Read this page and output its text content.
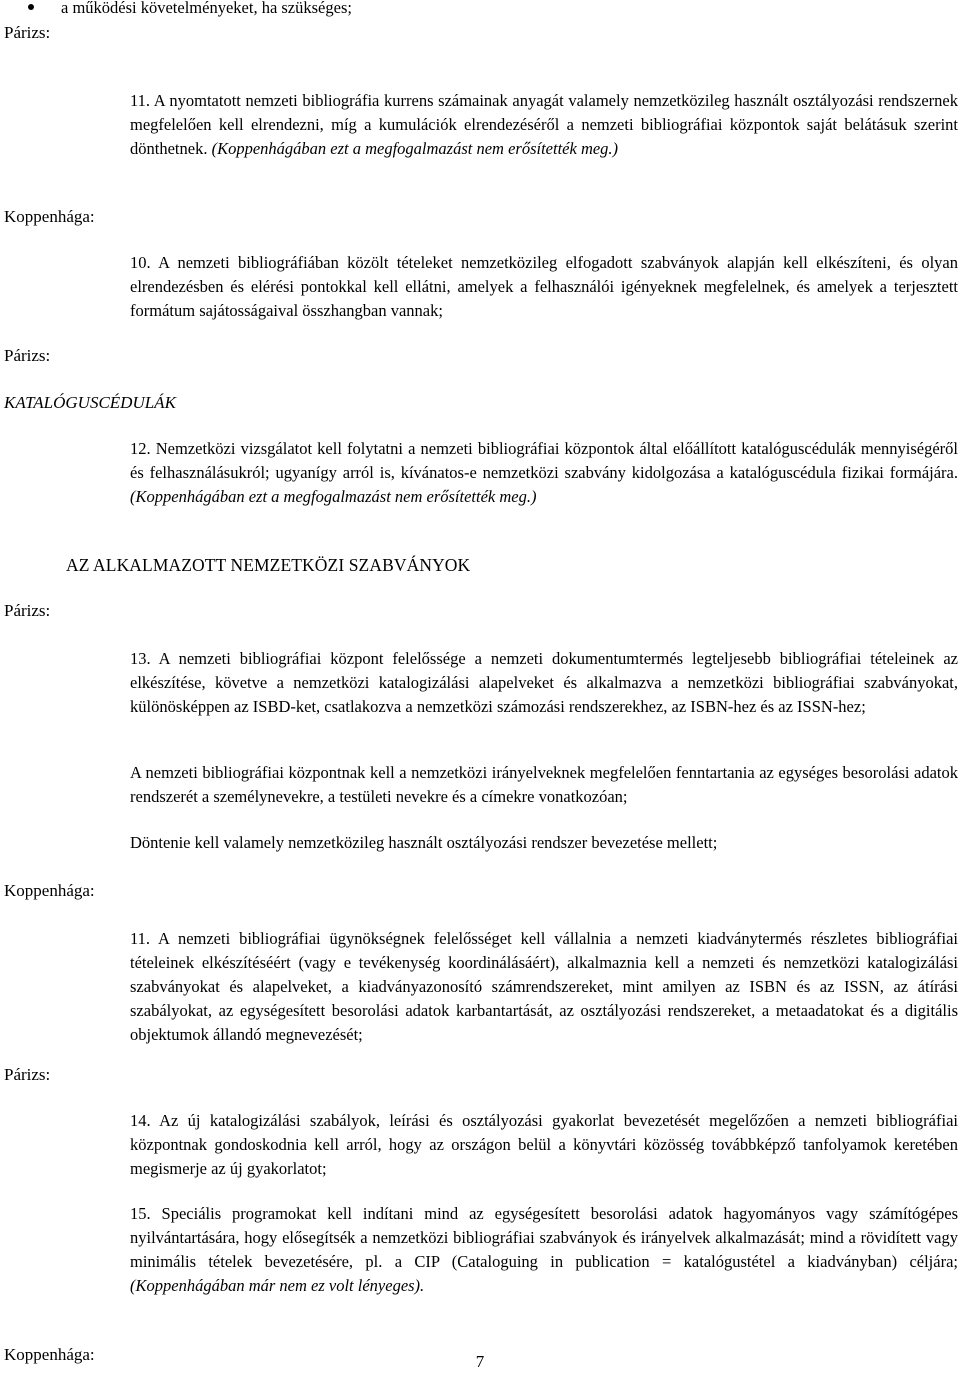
a működési követelményeket, ha szükséges;

Párizs:

11. A nyomtatott nemzeti bibliográfia kurrens számainak anyagát valamely nemzetközileg használt osztályozási rendszernek megfelelően kell elrendezni, míg a kumulációk elrendezéséről a nemzeti bibliográfiai központok saját belátásuk szerint dönthetnek. (Koppenhágában ezt a megfogalmazást nem erősítették meg.)

Koppenhága:

10. A nemzeti bibliográfiában közölt tételeket nemzetközileg elfogadott szabványok alapján kell elkészíteni, és olyan elrendezésben és elérési pontokkal kell ellátni, amelyek a felhasználói igényeknek megfelelnek, és amelyek a terjesztett formátum sajátosságaival összhangban vannak;

Párizs:

KATALÓGUSCÉDULÁK

12. Nemzetközi vizsgálatot kell folytatni a nemzeti bibliográfiai központok által előállított katalóguscédulák mennyiségéről és felhasználásukról; ugyanígy arról is, kívánatos-e nemzetközi szabvány kidolgozása a katalóguscédula fizikai formájára. (Koppenhágában ezt a megfogalmazást nem erősítették meg.)

AZ ALKALMAZOTT NEMZETKÖZI SZABVÁNYOK

Párizs:

13. A nemzeti bibliográfiai központ felelőssége a nemzeti dokumentumtermés legteljesebb bibliográfiai tételeinek az elkészítése, követve a nemzetközi katalogizálási alapelveket és alkalmazva a nemzetközi bibliográfiai szabványokat, különösképpen az ISBD-ket, csatlakozva a nemzetközi számozási rendszerekhez, az ISBN-hez és az ISSN-hez;

A nemzeti bibliográfiai központnak kell a nemzetközi irányelveknek megfelelően fenntartania az egységes besorolási adatok rendszerét a személynevekre, a testületi nevekre és a címekre vonatkozóan;

Döntenie kell valamely nemzetközileg használt osztályozási rendszer bevezetése mellett;

Koppenhága:

11. A nemzeti bibliográfiai ügynökségnek felelősséget kell vállalnia a nemzeti kiadványtermés részletes bibliográfiai tételeinek elkészítéséért (vagy e tevékenység koordinálásáért), alkalmaznia kell a nemzeti és nemzetközi katalogizálási szabványokat és alapelveket, a kiadványazonosító számrendszereket, mint amilyen az ISBN és az ISSN, az átírási szabályokat, az egységesített besorolási adatok karbantartását, az osztályozási rendszereket, a metaadatokat és a digitális objektumok állandó megnevezését;

Párizs:

14. Az új katalogizálási szabályok, leírási és osztályozási gyakorlat bevezetését megelőzően a nemzeti bibliográfiai központnak gondoskodnia kell arról, hogy az országon belül a könyvtári közösség továbbképző tanfolyamok keretében megismerje az új gyakorlatot;

15. Speciális programokat kell indítani mind az egységesített besorolási adatok hagyományos vagy számítógépes nyilvántartására, hogy elősegítsék a nemzetközi bibliográfiai szabványok és irányelvek alkalmazását; mind a rövidített vagy minimális tételek bevezetésére, pl. a CIP (Cataloguing in publication = katalógustétel a kiadványban) céljára; (Koppenhágában már nem ez volt lényeges).

Koppenhága:	7
